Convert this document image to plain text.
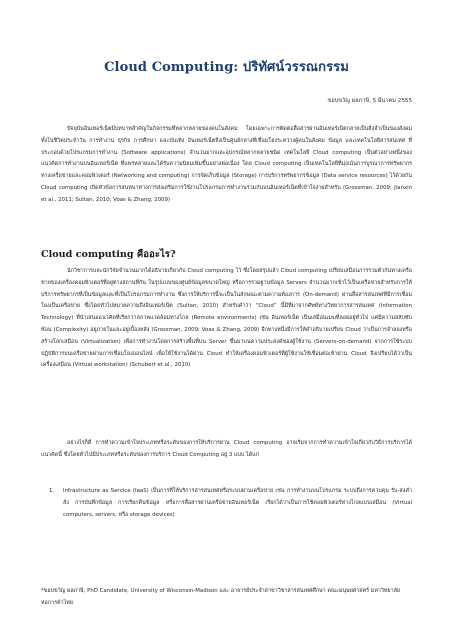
Cloud Computing: ปริทัศน์วรรณกรรม
ขอบขวัญ ผลภาษี, 5 มีนาคม 2555

ปัจจุบันอินเทอร์เน็ตมีบทบาทสำคัญในกิจกรรมที่หลากหลายของคนในสังคม โดยเฉพาะการติดต่อสื่อสารผ่านอินเทอร์เน็ตกลายเป็นสิ่งจำเป็นของสังคม ทั้งในชีวิตประจำวัน การทำงาน ธุรกิจ การศึกษา และบันเทิง อินเทอร์เน็ตจึงเป็นศูนย์กลางที่เชื่อมโยงระหว่างผู้คนในสังคม ข้อมูล และเทคโนโลยีสารสนเทศ ที่ประกอบด้วยโปรแกรมการทำงาน (Software applications) จำนวนมากและอุปกรณ์หลากหลายชนิด เทคโนโลยี Cloud computing เป็นตัวอย่างหนึ่งของแนวคิดการทำงานบนอินเทอร์เน็ต ที่แพร่หลายและได้รับความนิยมเพิ่มขึ้นอย่างต่อเนื่อง โดย Cloud computing เป็นเทคโนโลยีที่มุ่งเน้นการบูรณาการทรัพยากรทางเครือข่ายและคอมพิวเตอร์ (Networking and computing) การจัดเก็บข้อมูล (Storage) การบริการทรัพยากรข้อมูล (Data service resources) ไว้ด้วยกัน Cloud computing เปิดหัวข้อการสนทนาทางการส่งเสริมการใช้งานโปรแกรมการทำงานร่วมกันบนอินเทอร์เน็ตที่เข้าใจง่ายสำหรับ (Grossman, 2009; Jianxin et al., 2011; Sultan, 2010; Voas & Zhang, 2009)

Cloud computing คืออะไร?

นักวิชาการและนักวิจัยจำนวนมากได้อธิบายเกี่ยวกับ Cloud computing ไว้ ซึ่งโดยสรุปแล้ว Cloud computing เปรียบเสมือนการรวมตัวกันทางเครือข่ายของเครื่องคอมพิวเตอร์ที่อยู่ต่างสถานที่กัน ในรูปแบบของศูนย์ข้อมูลขนาดใหญ่ หรือการรวมฐานข้อมูล Servers จำนวนมากเข้าไว้เป็นเครือข่ายสำหรับการให้บริการทรัพยากรที่เป็นข้อมูลและที่เป็นโปรแกรมการทำงาน ซึ่งการให้บริการนี้จะเป็นในลักษณะตามความต้องการ (On-demand) ผ่านสื่อสารสนเทศที่มีการเชื่อมโยงเป็นเครือข่าย ซึ่งโดยทั่วไปหมายความถึงอินเทอร์เน็ต (Sultan, 2010) สำหรับคำว่า “Cloud” นี้มีที่มาจากศัพท์ทางวิทยาการสารสนเทศ (Information Technology) ที่นำเสนอแนวคิดที่เรียกว่าสภาพแวดล้อมทางไกล (Remote environments) เช่น อินเทอร์เน็ต เป็นเสมือนเมฆที่ลอยอยู่ทั่วไป แต่มีความสลับซับซ้อน (Complexity) อยู่ภายในและอยู่เบื้องหลัง (Grossman, 2009; Voas & Zhang, 2009) อีกทางหนึ่งมีการให้คำอธิบายเปรียบ Cloud ว่าเป็นการจำลองหรือสร้างโลกเสมือน (Virtualization) เพื่อการทำงานโดยการสร้างพื้นที่บน Server ขึ้นมาบนความประสงค์ของผู้ใช้งาน (Servers-on-demand) จากการใช้ระบบปฏิบัติการบนเครือข่ายผ่านการเชื่อมโยงออนไลน์ เพื่อให้ใช้งานได้ผ่าน Cloud ทำให้เครื่องคอมพิวเตอร์ที่ผู้ใช้งานใช้เชื่อมต่อเข้าผ่าน Cloud จึงเปรียบได้ว่าเป็นเครื่องเสมือน (Virtual workstation) (Schubert et al., 2010)

อย่างไรก็ดี การทำความเข้าใจประเภทหรือระดับของการให้บริการผ่าน Cloud computing อาจเริ่มจากการทำความเข้าใจเกี่ยวกับวิธีการบริการได้แนวคิดนี้ ซึ่งโดยทั่วไปมีประเภทหรือระดับของการบริการ Cloud Computing อยู่ 3 แบบ ได้แก่

1.	Infrastructure as Service (IaaS) เป็นการที่ให้บริการสารสนเทศหรือระบบผ่านเครือข่าย เช่น การทำงานบนโปรแกรม ระบบถึงการควบคุม รับ-ส่งคำสั่ง การบันทึกข้อมูล การเรียกคืนข้อมูล หรือการสื่อสารผ่านเครือข่ายอินเทอร์เน็ต เรียกได้ว่าเป็นการใช้คอมพิวเตอร์ทางไกลแบบเสมือน (Virtual computers, servers, หรือ storage devices)
*ขอบขวัญ ผลภาษี, PhD Candidate, University of Wisconsin-Madison และ อาจารย์ประจำสาขาวิชาสารสนเทศศึกษา คณะมนุษยศาสตร์ มหาวิทยาลัยหอการค้าไทย
